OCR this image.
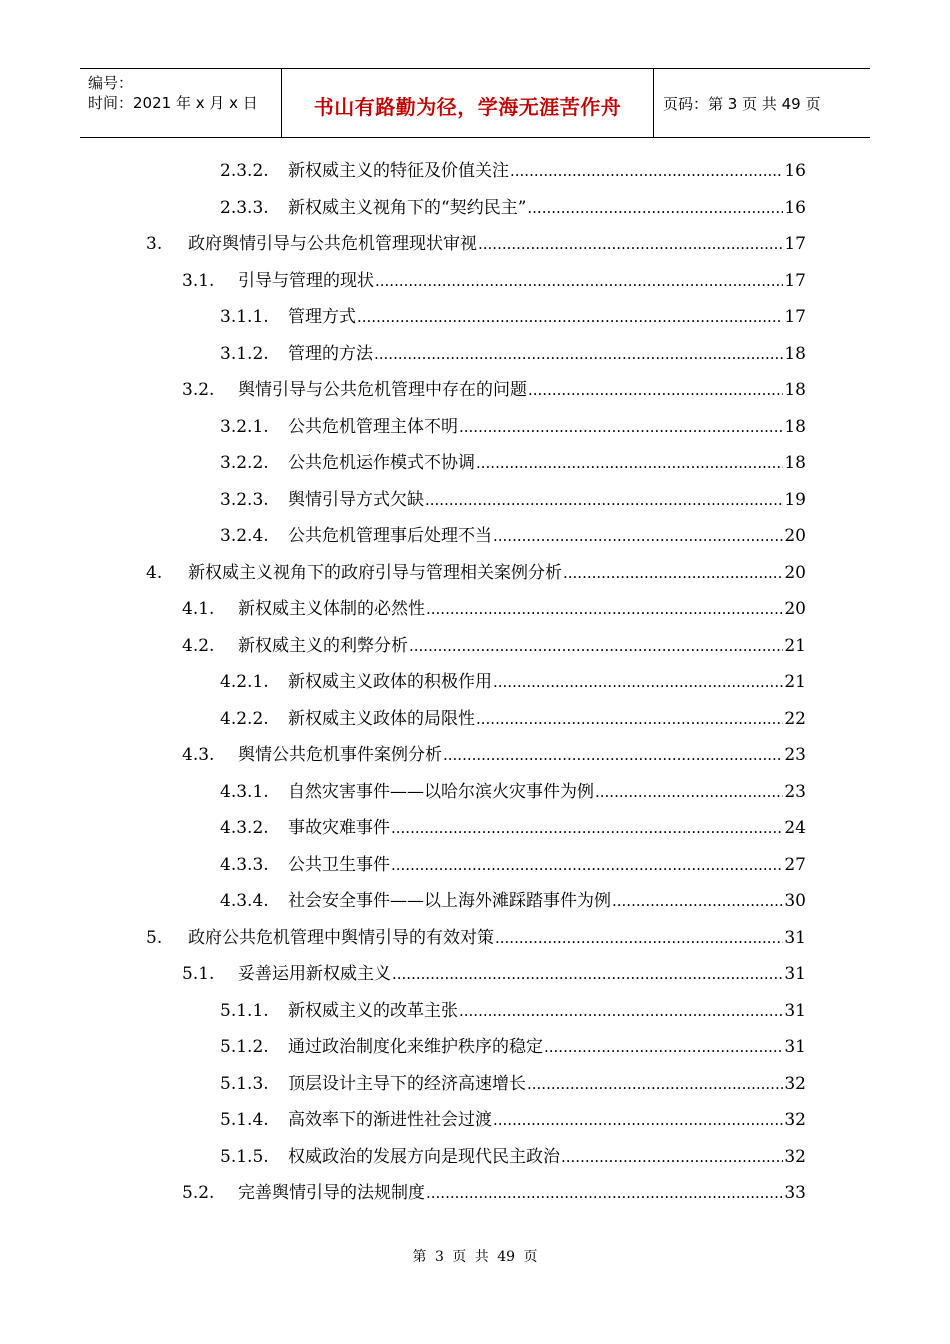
编号：
时间：2021 年 x 月 x 日	书山有路勤为径，学海无涯苦作舟	页码：第 3 页 共 49 页
2.3.2.	新权威主义的特征及价值关注 .....	16
2.3.3.	新权威主义视角下的“契约民主” .....	16
3.	政府舆情引导与公共危机管理现状审视 .....	17
3.1.	引导与管理的现状 .....	17
3.1.1.	管理方式 .....	17
3.1.2.	管理的方法 .....	18
3.2.	舆情引导与公共危机管理中存在的问题 .....	18
3.2.1.	公共危机管理主体不明 .....	18
3.2.2.	公共危机运作模式不协调 .....	18
3.2.3.	舆情引导方式欠缺 .....	19
3.2.4.	公共危机管理事后处理不当 .....	20
4.	新权威主义视角下的政府引导与管理相关案例分析 .....	20
4.1.	新权威主义体制的必然性 .....	20
4.2.	新权威主义的利弊分析 .....	21
4.2.1.	新权威主义政体的积极作用 .....	21
4.2.2.	新权威主义政体的局限性 .....	22
4.3.	舆情公共危机事件案例分析 .....	23
4.3.1.	自然灾害事件——以哈尔滨火灾事件为例 .....	23
4.3.2.	事故灾难事件 .....	24
4.3.3.	公共卫生事件 .....	27
4.3.4.	社会安全事件——以上海外滩踩踏事件为例 .....	30
5.	政府公共危机管理中舆情引导的有效对策 .....	31
5.1.	妥善运用新权威主义 .....	31
5.1.1.	新权威主义的改革主张 .....	31
5.1.2.	通过政治制度化来维护秩序的稳定 .....	31
5.1.3.	顶层设计主导下的经济高速增长 .....	32
5.1.4.	高效率下的渐进性社会过渡 .....	32
5.1.5.	权威政治的发展方向是现代民主政治 .....	32
5.2.	完善舆情引导的法规制度 .....	33
第 3 页 共 49 页
